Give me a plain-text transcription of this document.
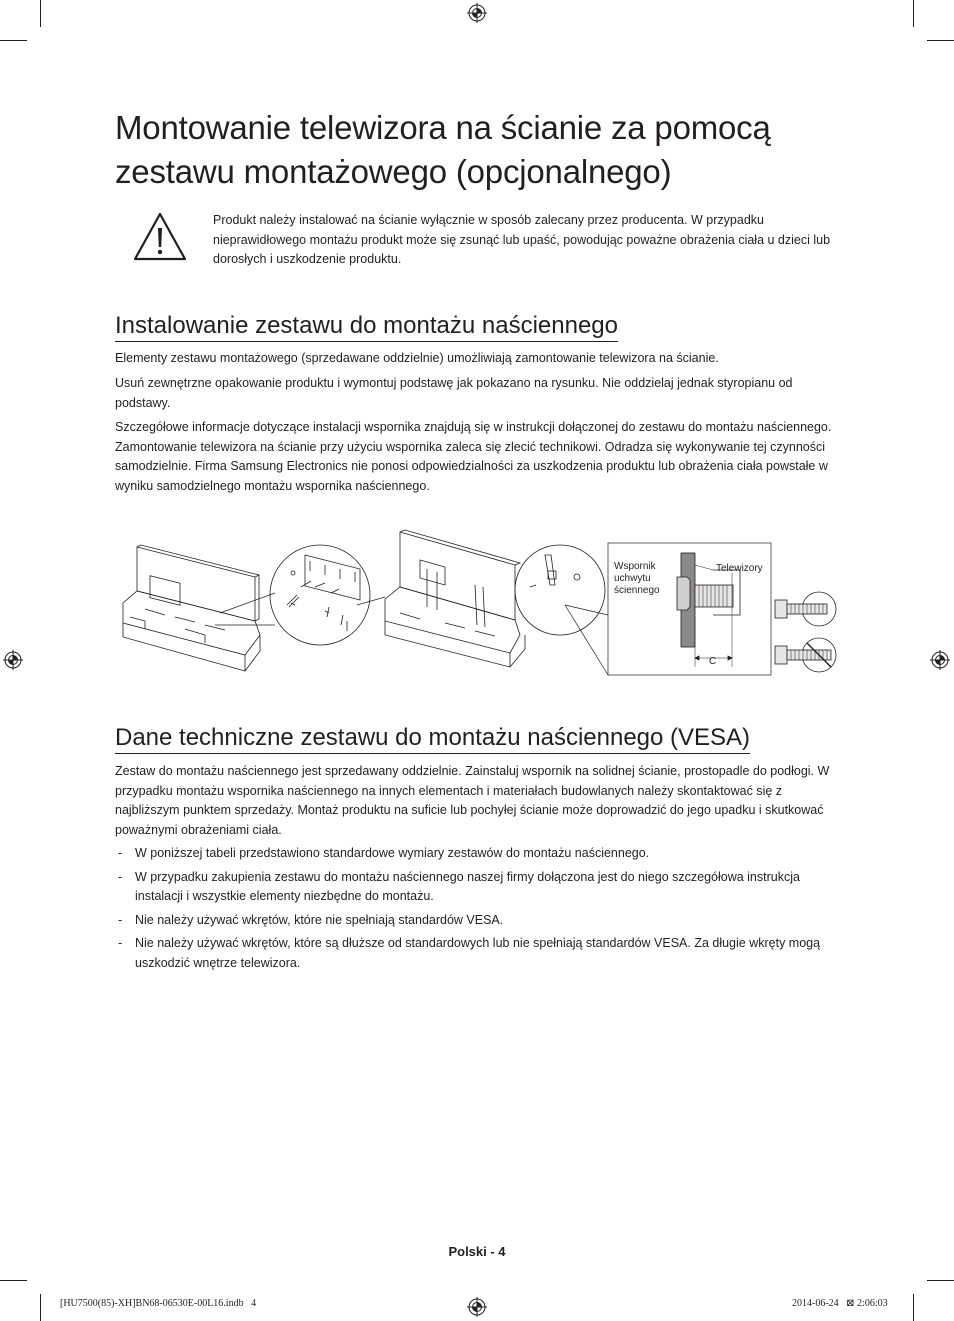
Montowanie telewizora na ścianie za pomocą zestawu montażowego (opcjonalnego)

Produkt należy instalować na ścianie wyłącznie w sposób zalecany przez producenta. W przypadku nieprawidłowego montażu produkt może się zsunąć lub upaść, powodując poważne obrażenia ciała u dzieci lub dorosłych i uszkodzenie produktu.

Instalowanie zestawu do montażu naściennego

Elementy zestawu montażowego (sprzedawane oddzielnie) umożliwiają zamontowanie telewizora na ścianie.

Usuń zewnętrzne opakowanie produktu i wymontuj podstawę jak pokazano na rysunku. Nie oddzielaj jednak styropianu od podstawy.

Szczegółowe informacje dotyczące instalacji wspornika znajdują się w instrukcji dołączonej do zestawu do montażu naściennego. Zamontowanie telewizora na ścianie przy użyciu wspornika zaleca się zlecić technikowi. Odradza się wykonywanie tej czynności samodzielnie. Firma Samsung Electronics nie ponosi odpowiedzialności za uszkodzenia produktu lub obrażenia ciała powstałe w wyniku samodzielnego montażu wspornika naściennego.

Wspornik uchwytu ściennego
Telewizory
C
Dane techniczne zestawu do montażu naściennego (VESA)

Zestaw do montażu naściennego jest sprzedawany oddzielnie. Zainstaluj wspornik na solidnej ścianie, prostopadle do podłogi. W przypadku montażu wspornika naściennego na innych elementach i materiałach budowlanych należy skontaktować się z najbliższym punktem sprzedaży. Montaż produktu na suficie lub pochyłej ścianie może doprowadzić do jego upadku i skutkować poważnymi obrażeniami ciała.

- W poniższej tabeli przedstawiono standardowe wymiary zestawów do montażu naściennego.
- W przypadku zakupienia zestawu do montażu naściennego naszej firmy dołączona jest do niego szczegółowa instrukcja instalacji i wszystkie elementy niezbędne do montażu.
- Nie należy używać wkrętów, które nie spełniają standardów VESA.
- Nie należy używać wkrętów, które są dłuższe od standardowych lub nie spełniają standardów VESA. Za długie wkręty mogą uszkodzić wnętrze telewizora.
Polski - 4
[HU7500(85)-XH]BN68-06530E-00L16.indb   4	2014-06-24   ⊠ 2:06:03
